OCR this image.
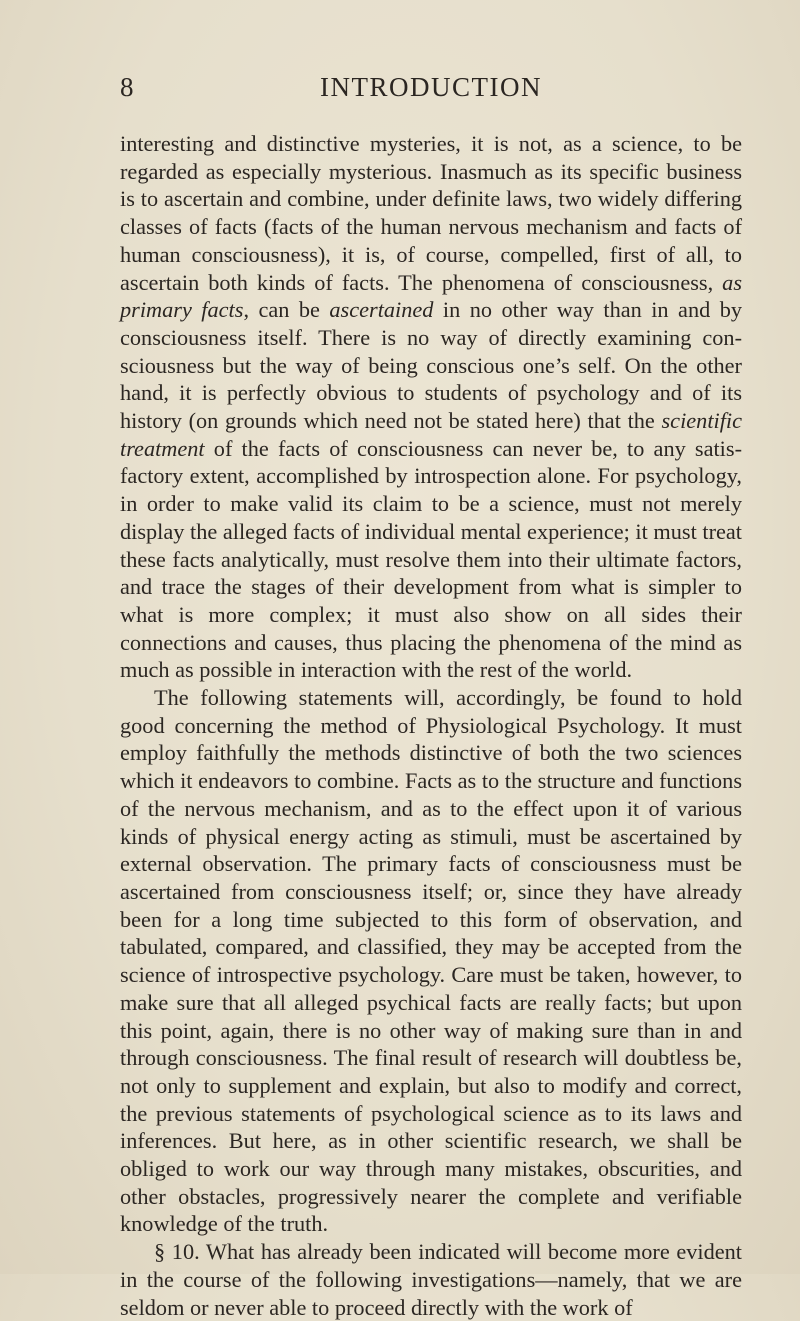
8	INTRODUCTION

interesting and distinctive mysteries, it is not, as a science, to be regarded as especially mysterious. Inasmuch as its specific business is to ascertain and combine, under definite laws, two widely differing classes of facts (facts of the human nervous mechanism and facts of human consciousness), it is, of course, compelled, first of all, to ascertain both kinds of facts. The phenomena of consciousness, as primary facts, can be ascertained in no other way than in and by consciousness itself. There is no way of directly examining consciousness but the way of being conscious one’s self. On the other hand, it is perfectly obvious to students of psychology and of its history (on grounds which need not be stated here) that the scientific treatment of the facts of consciousness can never be, to any satisfactory extent, accomplished by introspection alone. For psychology, in order to make valid its claim to be a science, must not merely display the alleged facts of individual mental experience; it must treat these facts analytically, must resolve them into their ultimate factors, and trace the stages of their development from what is simpler to what is more complex; it must also show on all sides their connections and causes, thus placing the phenomena of the mind as much as possible in interaction with the rest of the world.

The following statements will, accordingly, be found to hold good concerning the method of Physiological Psychology. It must employ faithfully the methods distinctive of both the two sciences which it endeavors to combine. Facts as to the structure and functions of the nervous mechanism, and as to the effect upon it of various kinds of physical energy acting as stimuli, must be ascertained by external observation. The primary facts of consciousness must be ascertained from consciousness itself; or, since they have already been for a long time subjected to this form of observation, and tabulated, compared, and classified, they may be accepted from the science of introspective psychology. Care must be taken, however, to make sure that all alleged psychical facts are really facts; but upon this point, again, there is no other way of making sure than in and through consciousness. The final result of research will doubtless be, not only to supplement and explain, but also to modify and correct, the previous statements of psychological science as to its laws and inferences. But here, as in other scientific research, we shall be obliged to work our way through many mistakes, obscurities, and other obstacles, progressively nearer the complete and verifiable knowledge of the truth.

§ 10. What has already been indicated will become more evident in the course of the following investigations—namely, that we are seldom or never able to proceed directly with the work of
